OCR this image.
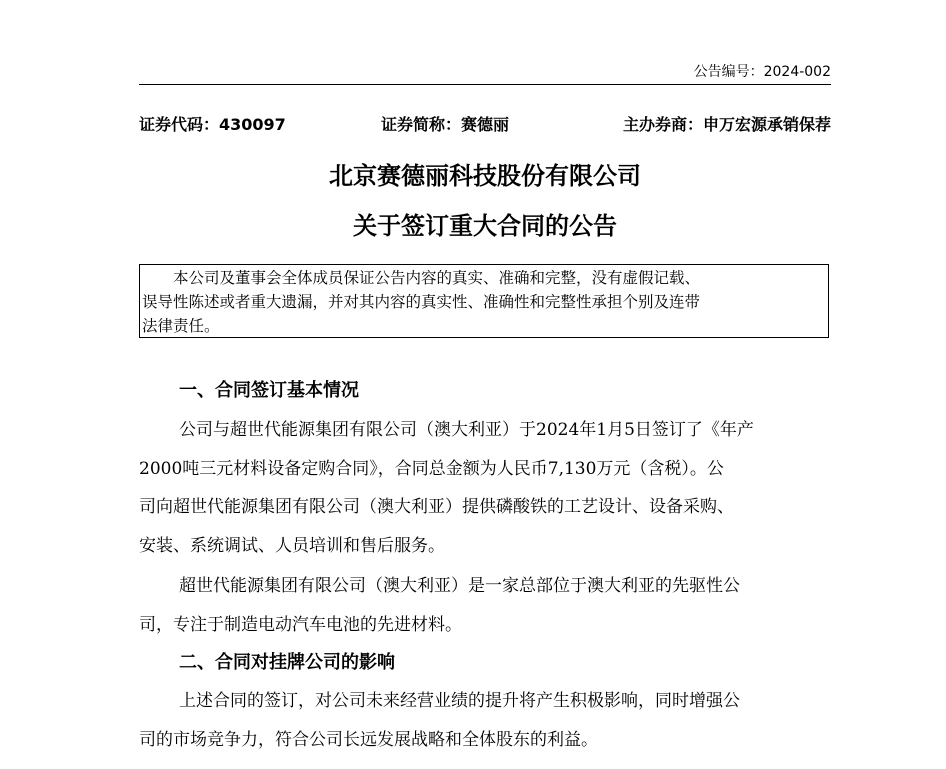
公告编号：2024-002
证券代码：430097	证券简称：赛德丽	主办券商：申万宏源承销保荐
北京赛德丽科技股份有限公司
关于签订重大合同的公告
本公司及董事会全体成员保证公告内容的真实、准确和完整，没有虚假记载、
误导性陈述或者重大遗漏，并对其内容的真实性、准确性和完整性承担个别及连带
法律责任。
一、合同签订基本情况
公司与超世代能源集团有限公司（澳大利亚）于2024年1月5日签订了《年产
2000吨三元材料设备定购合同》，合同总金额为人民币7,130万元（含税）。公
司向超世代能源集团有限公司（澳大利亚）提供磷酸铁的工艺设计、设备采购、
安装、系统调试、人员培训和售后服务。
超世代能源集团有限公司（澳大利亚）是一家总部位于澳大利亚的先驱性公
司，专注于制造电动汽车电池的先进材料。
二、合同对挂牌公司的影响
上述合同的签订，对公司未来经营业绩的提升将产生积极影响，同时增强公
司的市场竞争力，符合公司长远发展战略和全体股东的利益。
